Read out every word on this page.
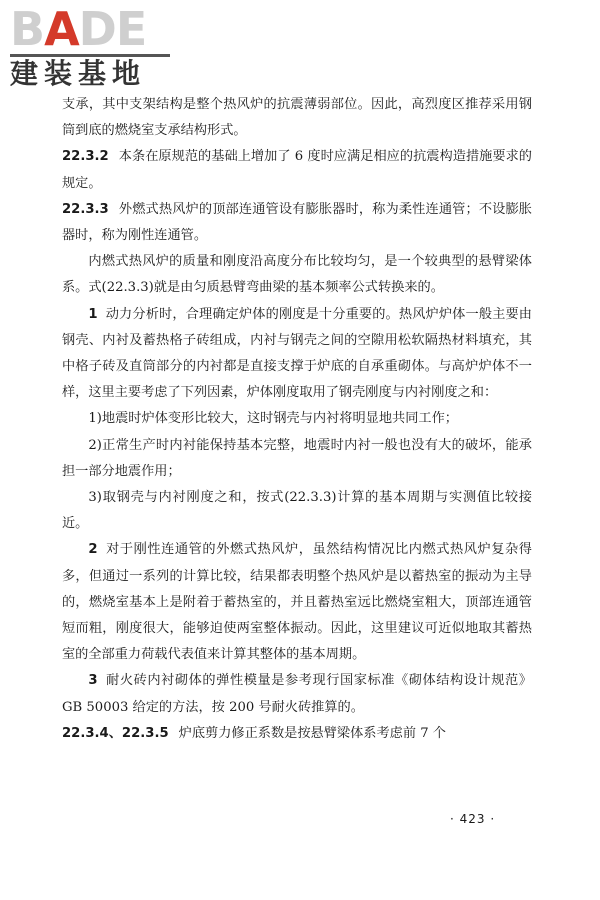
BADE
建装基地

支承，其中支架结构是整个热风炉的抗震薄弱部位。因此，高烈度区推荐采用钢筒到底的燃烧室支承结构形式。

22.3.2 本条在原规范的基础上增加了 6 度时应满足相应的抗震构造措施要求的规定。

22.3.3 外燃式热风炉的顶部连通管设有膨胀器时，称为柔性连通管；不设膨胀器时，称为刚性连通管。

内燃式热风炉的质量和刚度沿高度分布比较均匀，是一个较典型的悬臂梁体系。式(22.3.3)就是由匀质悬臂弯曲梁的基本频率公式转换来的。

1 动力分析时，合理确定炉体的刚度是十分重要的。热风炉炉体一般主要由钢壳、内衬及蓄热格子砖组成，内衬与钢壳之间的空隙用松软隔热材料填充，其中格子砖及直筒部分的内衬都是直接支撑于炉底的自承重砌体。与高炉炉体不一样，这里主要考虑了下列因素，炉体刚度取用了钢壳刚度与内衬刚度之和：

1)地震时炉体变形比较大，这时钢壳与内衬将明显地共同工作；

2)正常生产时内衬能保持基本完整，地震时内衬一般也没有大的破坏，能承担一部分地震作用；

3)取钢壳与内衬刚度之和，按式(22.3.3)计算的基本周期与实测值比较接近。

2 对于刚性连通管的外燃式热风炉，虽然结构情况比内燃式热风炉复杂得多，但通过一系列的计算比较，结果都表明整个热风炉是以蓄热室的振动为主导的，燃烧室基本上是附着于蓄热室的，并且蓄热室远比燃烧室粗大，顶部连通管短而粗，刚度很大，能够迫使两室整体振动。因此，这里建议可近似地取其蓄热室的全部重力荷载代表值来计算其整体的基本周期。

3 耐火砖内衬砌体的弹性模量是参考现行国家标准《砌体结构设计规范》GB 50003 给定的方法，按 200 号耐火砖推算的。

22.3.4、22.3.5 炉底剪力修正系数是按悬臂梁体系考虑前 7 个

· 423 ·
